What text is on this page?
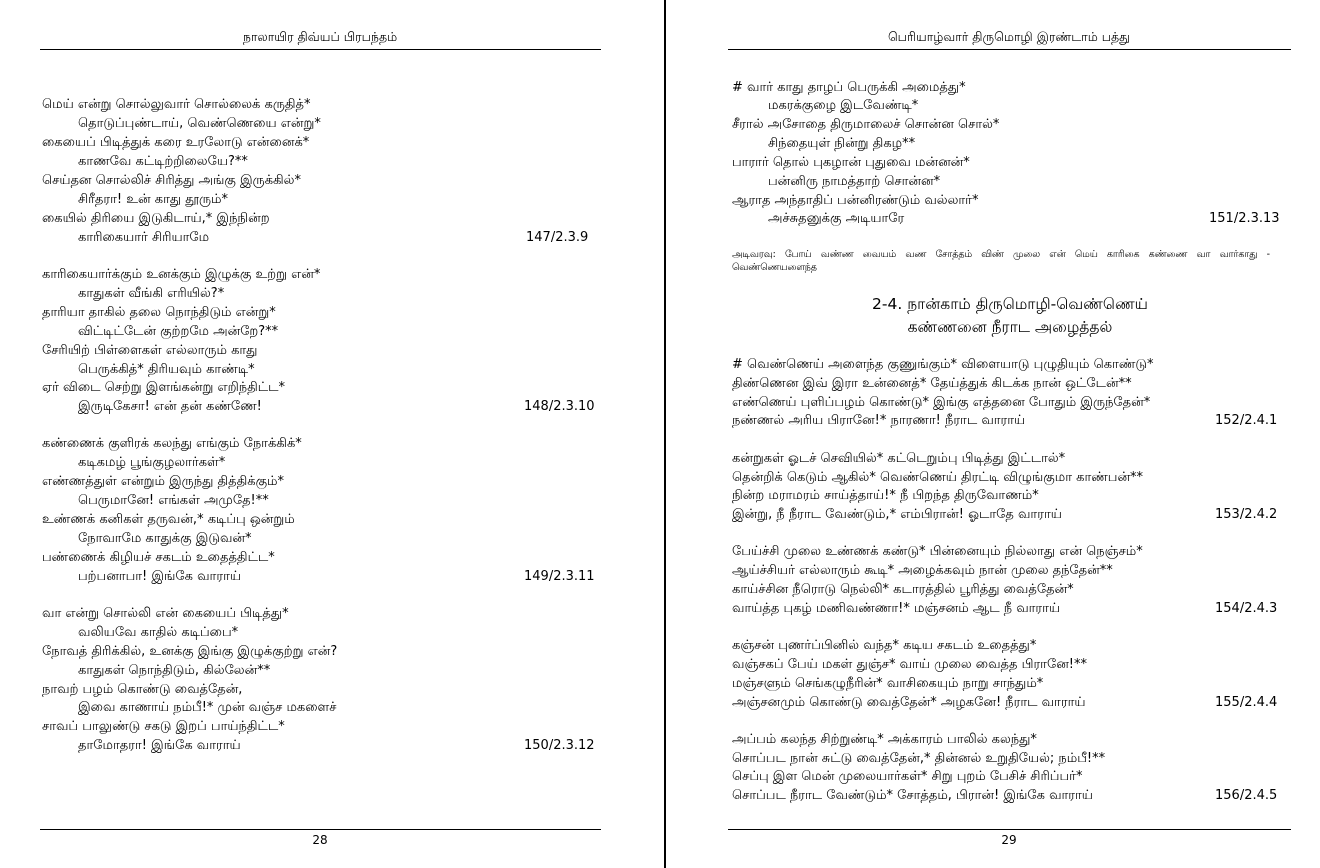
நாலாயிர திவ்யப் பிரபந்தம்
மெய் என்று சொல்லுவார் சொல்லைக் கருதித்*
தொடுப்புண்டாய், வெண்ணெயை என்று*
கையைப் பிடித்துக் கரை உரலோடு என்னைக்*
காணவே கட்டிற்றிலையே?**
செய்தன சொல்லிச் சிரித்து அங்கு இருக்கில்*
சிரீதரா! உன் காது தூரும்*
கையில் திரியை இடுகிடாய்,* இந்நின்ற
காரிகையார் சிரியாமே	147/2.3.9
காரிகையார்க்கும் உனக்கும் இழுக்கு உற்று என்*
காதுகள் வீங்கி எரியில்?*
தாரியா தாகில் தலை நொந்திடும் என்று*
விட்டிட்டேன் குற்றமே அன்றே?**
சேரியிற் பிள்ளைகள் எல்லாரும் காது
பெருக்கித்* திரியவும் காண்டி*
ஏர் விடை செற்று இளங்கன்று எறிந்திட்ட*
இருடிகேசா! என் தன் கண்ணே!	148/2.3.10
கண்ணைக் குளிரக் கலந்து எங்கும் நோக்கிக்*
கடிகமழ் பூங்குழலார்கள்*
எண்ணத்துள் என்றும் இருந்து தித்திக்கும்*
பெருமானே! எங்கள் அமுதே!**
உண்ணக் கனிகள் தருவன்,* கடிப்பு ஒன்றும்
நோவாமே காதுக்கு இடுவன்*
பண்ணைக் கிழியச் சகடம் உதைத்திட்ட*
பற்பனாபா! இங்கே வாராய்	149/2.3.11
வா என்று சொல்லி என் கையைப் பிடித்து*
வலியவே காதில் கடிப்பை*
நோவத் திரிக்கில், உனக்கு இங்கு இழுக்குற்று என்?
காதுகள் நொந்திடும், கில்லேன்**
நாவற் பழம் கொண்டு வைத்தேன்,
இவை காணாய் நம்பீ!* முன் வஞ்ச மகளைச்
சாவப் பாலுண்டு சகடு இறப் பாய்ந்திட்ட*
தாமோதரா! இங்கே வாராய்	150/2.3.12
28
பெரியாழ்வார் திருமொழி இரண்டாம் பத்து
# வார் காது தாழப் பெருக்கி அமைத்து*
மகரக்குழை இடவேண்டி*
சீரால் அசோதை திருமாலைச் சொன்ன சொல்*
சிந்தையுள் நின்று திகழ**
பாரார் தொல் புகழான் புதுவை மன்னன்*
பன்னிரு நாமத்தாற் சொன்ன*
ஆராத அந்தாதிப் பன்னிரண்டும் வல்லார்*
அச்சுதனுக்கு அடியாரே	151/2.3.13
அடிவரவு: போய் வண்ண வையம் வண சோத்தம் விண் முலை என் மெய் காரிகை கண்ணை வா வார்காது - வெண்ணெயளைந்த
2-4. நான்காம் திருமொழி-வெண்ணெய்
கண்ணனை நீராட அழைத்தல்
# வெண்ணெய் அளைந்த குணுங்கும்* விளையாடு புழுதியும் கொண்டு*
திண்ணென இவ் இரா உன்னைத்* தேய்த்துக் கிடக்க நான் ஒட்டேன்**
எண்ணெய் புளிப்பழம் கொண்டு* இங்கு எத்தனை போதும் இருந்தேன்*
நண்ணல் அரிய பிரானே!* நாரணா! நீராட வாராய்	152/2.4.1
கன்றுகள் ஓடச் செவியில்* கட்டெறும்பு பிடித்து இட்டால்*
தென்றிக் கெடும் ஆகில்* வெண்ணெய் திரட்டி விழுங்குமா காண்பன்**
நின்ற மராமரம் சாய்த்தாய்!* நீ பிறந்த திருவோணம்*
இன்று, நீ நீராட வேண்டும்,* எம்பிரான்! ஓடாதே வாராய்	153/2.4.2
பேய்ச்சி முலை உண்ணக் கண்டு* பின்னையும் நில்லாது என் நெஞ்சம்*
ஆய்ச்சியர் எல்லாரும் கூடி* அழைக்கவும் நான் முலை தந்தேன்**
காய்ச்சின நீரொடு நெல்லி* கடாரத்தில் பூரித்து வைத்தேன்*
வாய்த்த புகழ் மணிவண்ணா!* மஞ்சனம் ஆட நீ வாராய்	154/2.4.3
கஞ்சன் புணர்ப்பினில் வந்த* கடிய சகடம் உதைத்து*
வஞ்சகப் பேய் மகள் துஞ்ச* வாய் முலை வைத்த பிரானே!**
மஞ்சளும் செங்கழுநீரின்* வாசிகையும் நாறு சாந்தும்*
அஞ்சனமும் கொண்டு வைத்தேன்* அழகனே! நீராட வாராய்	155/2.4.4
அப்பம் கலந்த சிற்றுண்டி* அக்காரம் பாலில் கலந்து*
சொப்பட நான் சுட்டு வைத்தேன்,* தின்னல் உறுதியேல்; நம்பீ!**
செப்பு இள மென் முலையார்கள்* சிறு புறம் பேசிச் சிரிப்பர்*
சொப்பட நீராட வேண்டும்* சோத்தம், பிரான்! இங்கே வாராய்	156/2.4.5
29
